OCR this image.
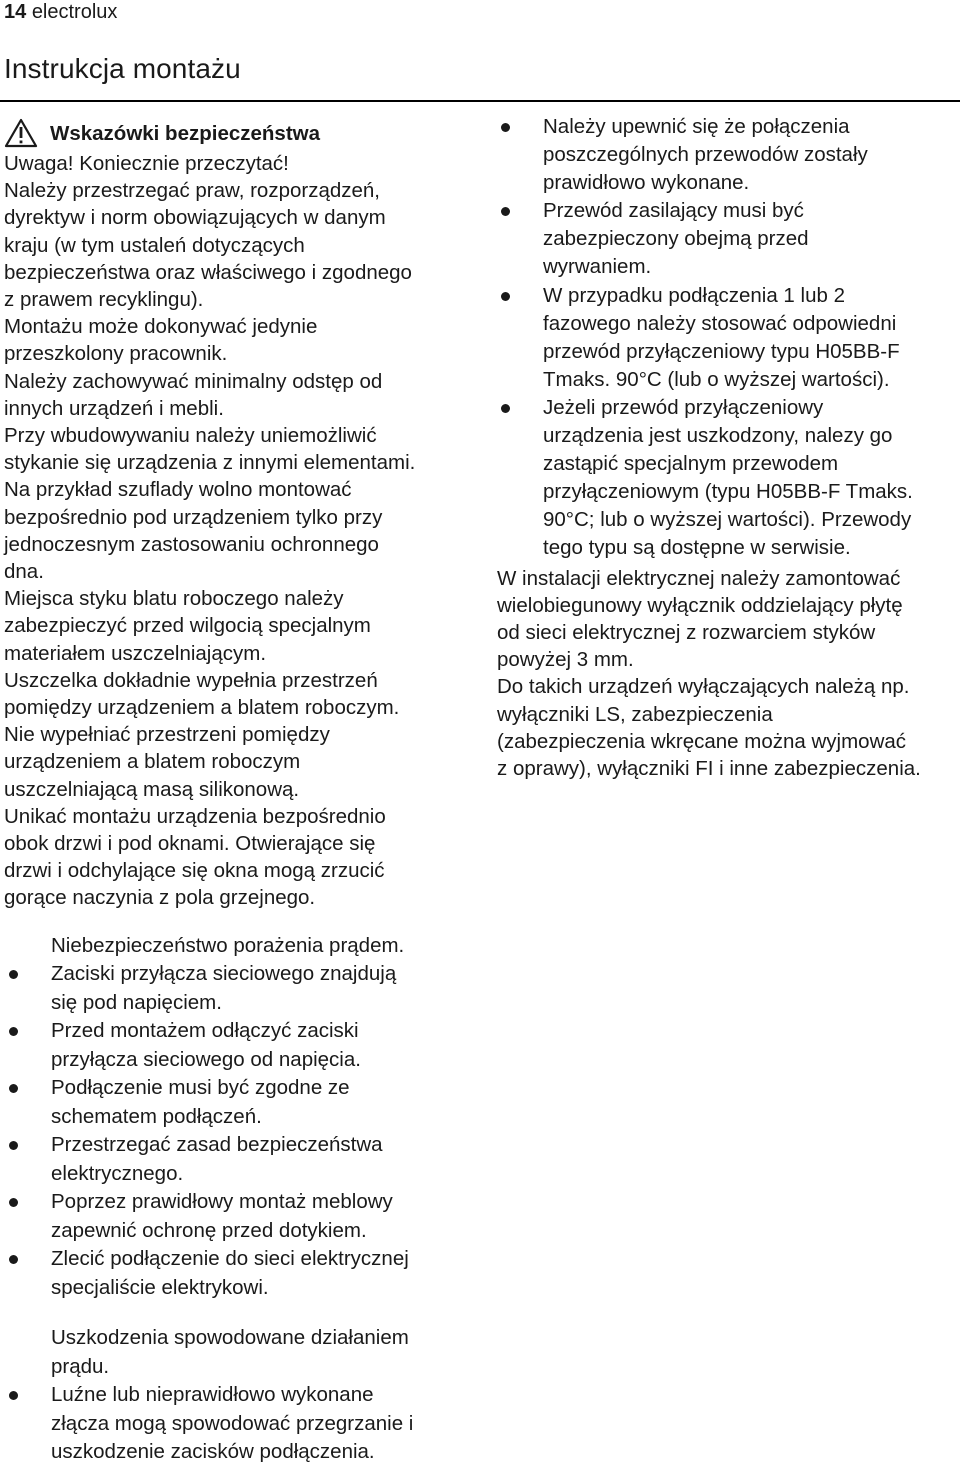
14 electrolux
Instrukcja montażu
Wskazówki bezpieczeństwa

Uwaga! Koniecznie przeczytać!
Należy przestrzegać praw, rozporządzeń,
dyrektyw i norm obowiązujących w danym
kraju (w tym ustaleń dotyczących
bezpieczeństwa oraz właściwego i zgodnego
z prawem recyklingu).
Montażu może dokonywać jedynie
przeszkolony pracownik.
Należy zachowywać minimalny odstęp od
innych urządzeń i mebli.
Przy wbudowywaniu należy uniemożliwić
stykanie się urządzenia z innymi elementami.
Na przykład szuflady wolno montować
bezpośrednio pod urządzeniem tylko przy
jednoczesnym zastosowaniu ochronnego
dna.
Miejsca styku blatu roboczego należy
zabezpieczyć przed wilgocią specjalnym
materiałem uszczelniającym.
Uszczelka dokładnie wypełnia przestrzeń
pomiędzy urządzeniem a blatem roboczym.
Nie wypełniać przestrzeni pomiędzy
urządzeniem a blatem roboczym
uszczelniającą masą silikonową.
Unikać montażu urządzenia bezpośrednio
obok drzwi i pod oknami. Otwierające się
drzwi i odchylające się okna mogą zrzucić
gorące naczynia z pola grzejnego.

Niebezpieczeństwo porażenia prądem.

Zaciski przyłącza sieciowego znajdują
się pod napięciem.
Przed montażem odłączyć zaciski
przyłącza sieciowego od napięcia.
Podłączenie musi być zgodne ze
schematem podłączeń.
Przestrzegać zasad bezpieczeństwa
elektrycznego.
Poprzez prawidłowy montaż meblowy
zapewnić ochronę przed dotykiem.
Zlecić podłączenie do sieci elektrycznej
specjaliście elektrykowi.

Uszkodzenia spowodowane działaniem
prądu.

Luźne lub nieprawidłowo wykonane
złącza mogą spowodować przegrzanie i
uszkodzenie zacisków podłączenia.
Należy upewnić się że połączenia
poszczególnych przewodów zostały
prawidłowo wykonane.
Przewód zasilający musi być
zabezpieczony obejmą przed
wyrwaniem.
W przypadku podłączenia 1 lub 2
fazowego należy stosować odpowiedni
przewód przyłączeniowy typu H05BB-F
Tmaks. 90°C (lub o wyższej wartości).
Jeżeli przewód przyłączeniowy
urządzenia jest uszkodzony, nalezy go
zastąpić specjalnym przewodem
przyłączeniowym (typu H05BB-F Tmaks.
90°C; lub o wyższej wartości). Przewody
tego typu są dostępne w serwisie.

W instalacji elektrycznej należy zamontować
wielobiegunowy wyłącznik oddzielający płytę
od sieci elektrycznej z rozwarciem styków
powyżej 3 mm.
Do takich urządzeń wyłączających należą np.
wyłączniki LS, zabezpieczenia
(zabezpieczenia wkręcane można wyjmować
z oprawy), wyłączniki FI i inne zabezpieczenia.
